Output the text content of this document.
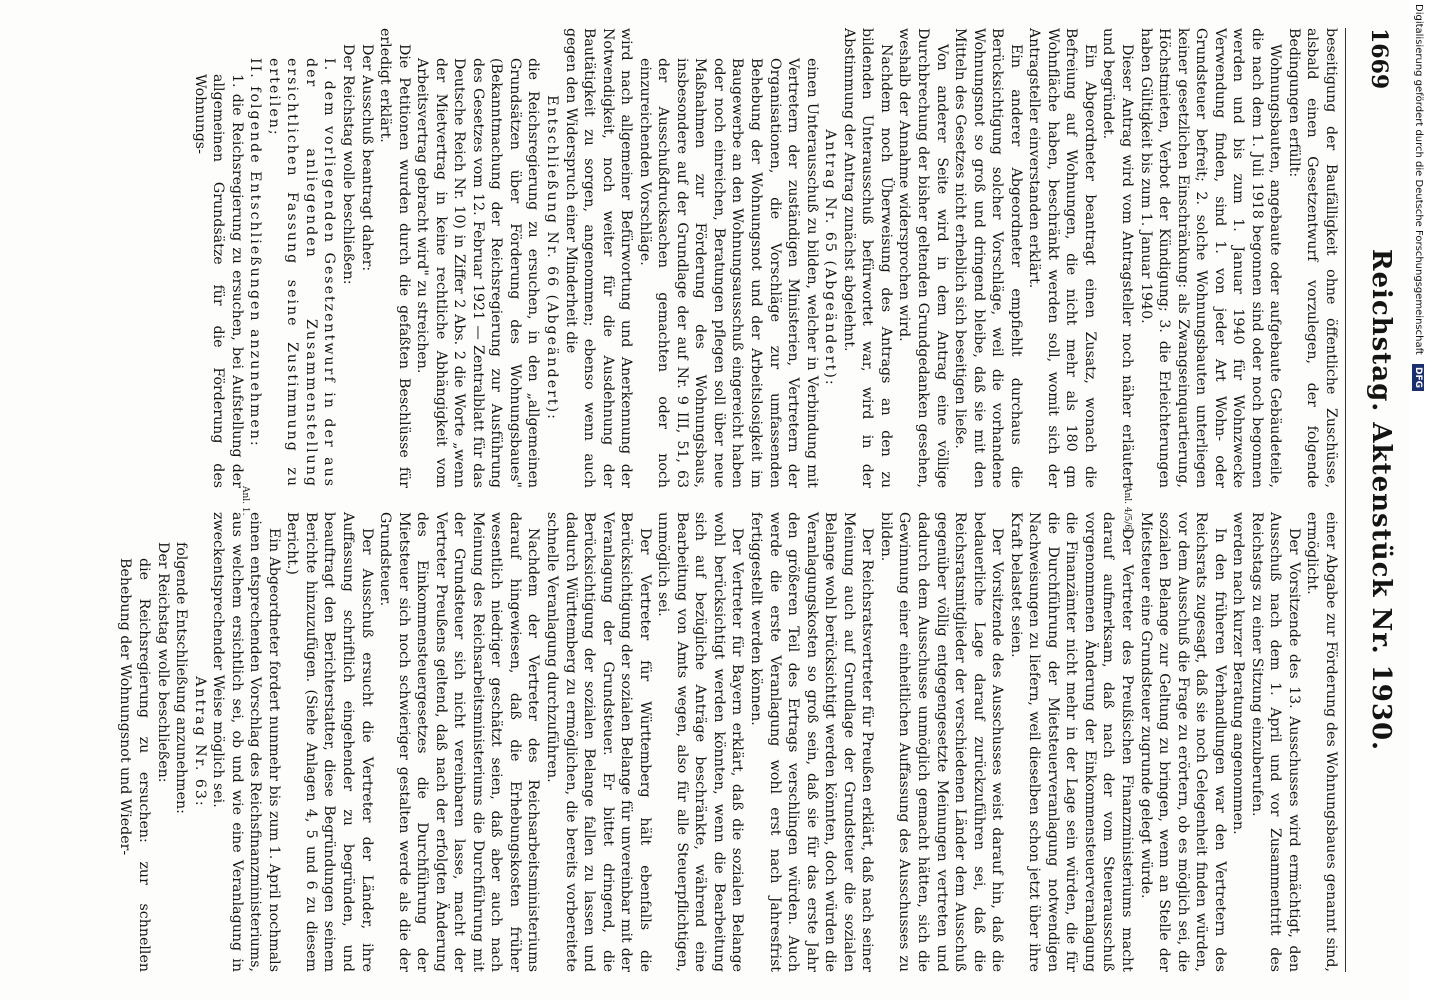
1669
Reichstag. Aktenstück Nr. 1930.

beseitigung der Baufälligkeit ohne öffentliche Zuschüsse, alsbald einen Gesetzentwurf vorzulegen, der folgende Bedingungen erfüllt:

Wohnungsbauten, angebaute oder aufgebaute Gebäudeteile, die nach dem 1. Juli 1918 begonnen sind oder noch begonnen werden und bis zum 1. Januar 1940 für Wohnzwecke Verwendung finden, sind 1. von jeder Art Wohn- oder Grundsteuer befreit; 2. solche Wohnungsbauten unterliegen keiner gesetzlichen Einschränkung: als Zwangseinquartierung, Höchstmieten, Verbot der Kündigung; 3. die Erleichterungen haben Gültigkeit bis zum 1. Januar 1940.

Dieser Antrag wird vom Antragsteller noch näher erläutert und begründet.

Ein Abgeordneter beantragt einen Zusatz, wonach die Befreiung auf Wohnungen, die nicht mehr als 180 qm Wohnfläche haben, beschränkt werden soll, womit sich der Antragsteller einverstanden erklärt.

Ein anderer Abgeordneter empfiehlt durchaus die Berücksichtigung solcher Vorschläge, weil die vorhandene Wohnungsnot so groß und dringend bleibe, daß sie mit den Mitteln des Gesetzes nicht erheblich sich beseitigen ließe.

Von anderer Seite wird in dem Antrag eine völlige Durchbrechung der bisher geltenden Grundgedanken gesehen, weshalb der Annahme widersprochen wird.

Nachdem noch Überweisung des Antrags an den zu bildenden Unterausschuß befürwortet war, wird in der Abstimmung der Antrag zunächst abgelehnt.

Antrag Nr. 65 (Abgeändert):

einen Unterausschuß zu bilden, welcher in Verbindung mit Vertretern der zuständigen Ministerien, Vertretern der Organisationen, die Vorschläge zur umfassenden Behebung der Wohnungsnot und der Arbeitslosigkeit im Baugewerbe an den Wohnungsausschuß eingereicht haben oder noch einreichen, Beratungen pflegen soll über neue Maßnahmen zur Förderung des Wohnungsbaus, insbesondere auf der Grundlage der auf Nr. 9 III, 51, 63 der Ausschußdrucksachen gemachten oder noch einzureichenden Vorschläge.

wird nach allgemeiner Befürwortung und Anerkennung der Notwendigkeit, noch weiter für die Ausdehnung der Bautätigkeit zu sorgen, angenommen; ebenso wenn auch gegen den Widerspruch einer Minderheit die

Entschließung Nr. 66 (Abgeändert):

die Reichsregierung zu ersuchen, in den „allgemeinen Grundsätzen über Förderung des Wohnungsbaues" (Bekanntmachung der Reichsregierung zur Ausführung des Gesetzes vom 12. Februar 1921 — Zentralblatt für das Deutsche Reich Nr. 10) in Ziffer 2 Abs. 2 die Worte „wenn der Mietvertrag in keine rechtliche Abhängigkeit vom Arbeitsvertrag gebracht wird" zu streichen.

Die Petitionen wurden durch die gefaßten Beschlüsse für erledigt erklärt.

Der Ausschuß beantragt daher:

Der Reichstag wolle beschließen:

I. dem vorliegenden Gesetzentwurf in der aus der anliegenden Zusammenstellung ersichtlichen Fassung seine Zustimmung zu erteilen;

II. folgende Entschließungen anzunehmen:

1. die Reichsregierung zu ersuchen, bei Aufstellung der allgemeinen Grundsätze für die Förderung des Wohnungs-

einer Abgabe zur Förderung des Wohnungsbaues genannt sind, ermöglicht.

Der Vorsitzende des 13. Ausschusses wird ermächtigt, den Ausschuß nach dem 1. April und vor Zusammentritt des Reichstags zu einer Sitzung einzuberufen.

werden nach kurzer Beratung angenommen.

In den früheren Verhandlungen war den Vertretern des Reichsrats zugesagt, daß sie noch Gelegenheit finden würden, vor dem Ausschuß die Frage zu erörtern, ob es möglich sei, die sozialen Belange zur Geltung zu bringen, wenn an Stelle der Mietsteuer eine Grundsteuer zugrunde gelegt würde.

Der Vertreter des Preußischen Finanzministeriums macht darauf aufmerksam, daß nach der vom Steuerausschuß vorgenommenen Änderung der Einkommensteuerveranlagung die Finanzämter nicht mehr in der Lage sein würden, die für die Durchführung der Mietsteuerveranlagung notwendigen Nachweisungen zu liefern, weil dieselben schon jetzt über ihre Kraft belastet seien.

Der Vorsitzende des Ausschusses weist darauf hin, daß die bedauerliche Lage darauf zurückzuführen sei, daß die Reichsratsmitglieder der verschiedenen Länder dem Ausschuß gegenüber völlig entgegengesetzte Meinungen vertreten und dadurch dem Ausschusse unmöglich gemacht hätten, sich die Gewinnung einer einheitlichen Auffassung des Ausschusses zu bilden.

Der Reichsratsvertreter für Preußen erklärt, daß nach seiner Meinung auch auf Grundlage der Grundsteuer die sozialen Belange wohl berücksichtigt werden könnten, doch würden die Veranlagungskosten so groß sein, daß sie für das erste Jahr den größeren Teil des Ertrags verschlingen würden. Auch werde die erste Veranlagung wohl erst nach Jahresfrist fertiggestellt werden können.

Der Vertreter für Bayern erklärt, daß die sozialen Belange wohl berücksichtigt werden könnten, wenn die Bearbeitung sich auf bezügliche Anträge beschränkte, während eine Bearbeitung von Amts wegen, also für alle Steuerpflichtigen, unmöglich sei.

Der Vertreter für Württemberg hält ebenfalls die Berücksichtigung der sozialen Belange für unvereinbar mit der Veranlagung der Grundsteuer. Er bittet dringend, die Berücksichtigung der sozialen Belange fallen zu lassen und dadurch Württemberg zu ermöglichen, die bereits vorbereitete schnelle Veranlagung durchzuführen.

Nachdem der Vertreter des Reichsarbeitsministeriums darauf hingewiesen, daß die Erhebungskosten früher wesentlich niedriger geschätzt seien, daß aber auch nach Meinung des Reichsarbeitsministeriums die Durchführung mit der Grundsteuer sich nicht vereinbaren lasse, macht der Vertreter Preußens geltend, daß nach der erfolgten Änderung des Einkommensteuergesetzes die Durchführung der Mietsteuer sich noch schwieriger gestalten werde als die der Grundsteuer.

Der Ausschuß ersucht die Vertreter der Länder, ihre Auffassung schriftlich eingehender zu begründen, und beauftragt den Berichterstatter, diese Begründungen seinem Berichte hinzuzufügen. (Siehe Anlagen 4, 5 und 6 zu diesem Bericht.)

Ein Abgeordneter fordert nunmehr bis zum 1. April nochmals einen entsprechenden Vorschlag des Reichsfinanzministeriums, aus welchem ersichtlich sei, ob und wie eine Veranlagung in zweckentsprechender Weise möglich sei.

Antrag Nr. 63:

folgende Entschließung anzunehmen:

Der Reichstag wolle beschließen:

die Reichsregierung zu ersuchen: zur schnellen Behebung der Wohnungsnot und Wieder-

Anl. 1.	Anl. 4/5/6.
Digitalisierung gefördert durch die Deutsche Forschungsgemeinschaft DFG
